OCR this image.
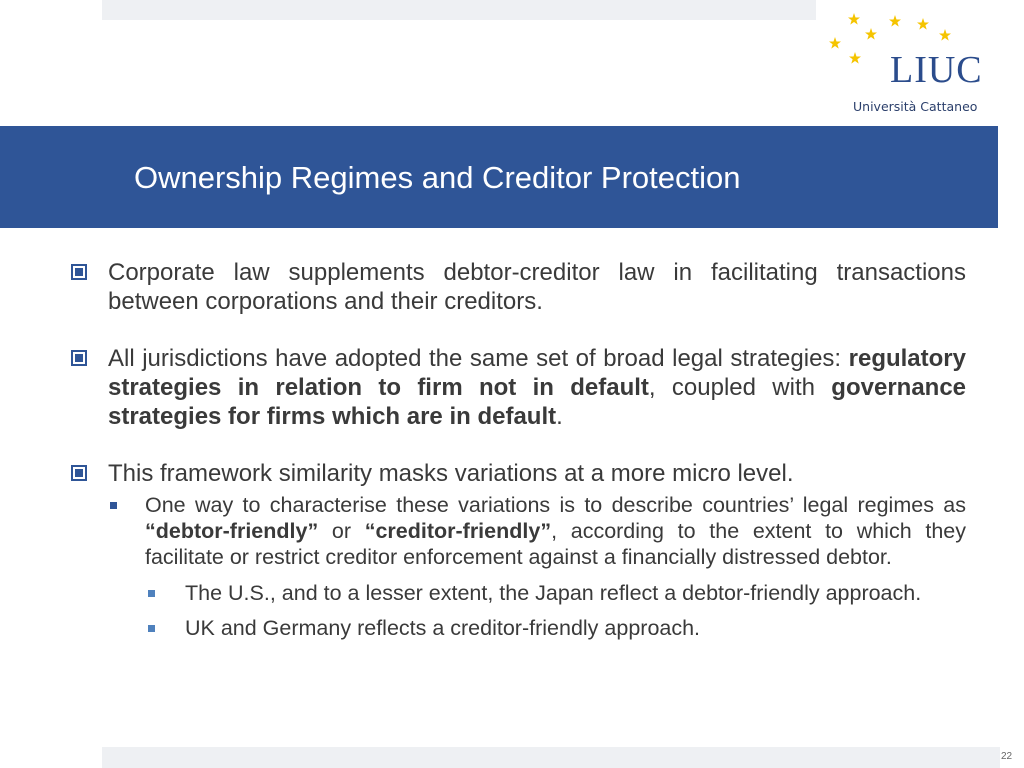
LIUC
Università Cattaneo
Ownership Regimes and Creditor Protection
Corporate law supplements debtor-creditor law in facilitating transactions between corporations and their creditors.
All jurisdictions have adopted the same set of broad legal strategies: regulatory strategies in relation to firm not in default, coupled with governance strategies for firms which are in default.
This framework similarity masks variations at a more micro level.
One way to characterise these variations is to describe countries’ legal regimes as “debtor-friendly” or “creditor-friendly”, according to the extent to which they facilitate or restrict creditor enforcement against a financially distressed debtor.
The U.S., and to a lesser extent, the Japan reflect a debtor-friendly approach.
UK and Germany reflects a creditor-friendly approach.
22
